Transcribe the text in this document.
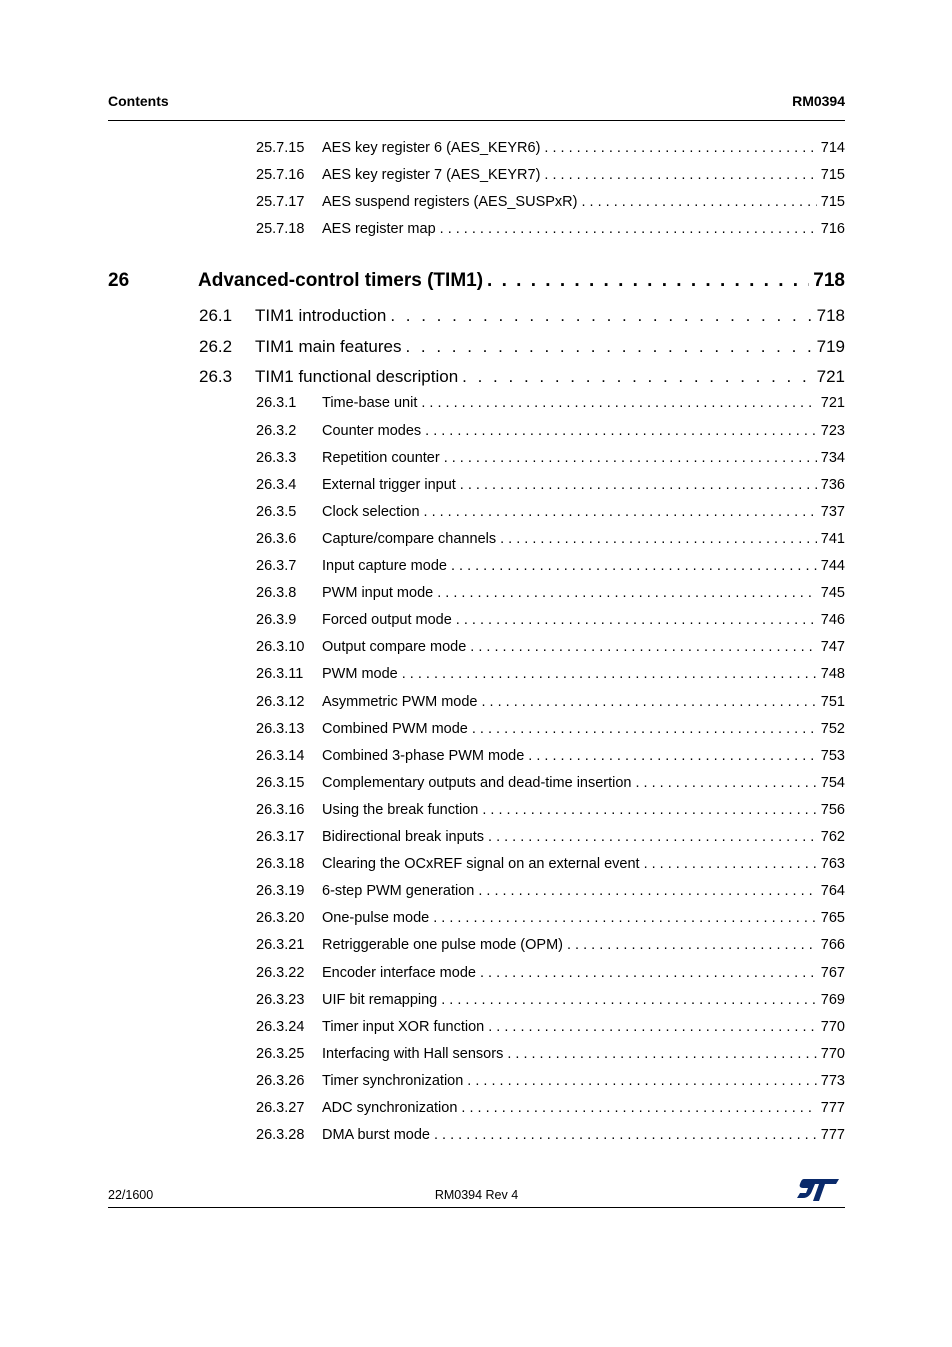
Contents	RM0394
25.7.15 AES key register 6 (AES_KEYR6) . . .	714
25.7.16 AES key register 7 (AES_KEYR7) . . .	715
25.7.17 AES suspend registers (AES_SUSPxR) . . .	715
25.7.18 AES register map . . .	716
26	Advanced-control timers (TIM1) . . .	718
26.1 TIM1 introduction . . .	718
26.2 TIM1 main features . . .	719
26.3 TIM1 functional description . . .	721
26.3.1 Time-base unit . . .	721
26.3.2 Counter modes . . .	723
26.3.3 Repetition counter . . .	734
26.3.4 External trigger input . . .	736
26.3.5 Clock selection . . .	737
26.3.6 Capture/compare channels . . .	741
26.3.7 Input capture mode . . .	744
26.3.8 PWM input mode . . .	745
26.3.9 Forced output mode . . .	746
26.3.10 Output compare mode . . .	747
26.3.11 PWM mode . . .	748
26.3.12 Asymmetric PWM mode . . .	751
26.3.13 Combined PWM mode . . .	752
26.3.14 Combined 3-phase PWM mode . . .	753
26.3.15 Complementary outputs and dead-time insertion . . .	754
26.3.16 Using the break function . . .	756
26.3.17 Bidirectional break inputs . . .	762
26.3.18 Clearing the OCxREF signal on an external event . . .	763
26.3.19 6-step PWM generation . . .	764
26.3.20 One-pulse mode . . .	765
26.3.21 Retriggerable one pulse mode (OPM) . . .	766
26.3.22 Encoder interface mode . . .	767
26.3.23 UIF bit remapping . . .	769
26.3.24 Timer input XOR function . . .	770
26.3.25 Interfacing with Hall sensors . . .	770
26.3.26 Timer synchronization . . .	773
26.3.27 ADC synchronization . . .	777
26.3.28 DMA burst mode . . .	777
22/1600	RM0394 Rev 4
